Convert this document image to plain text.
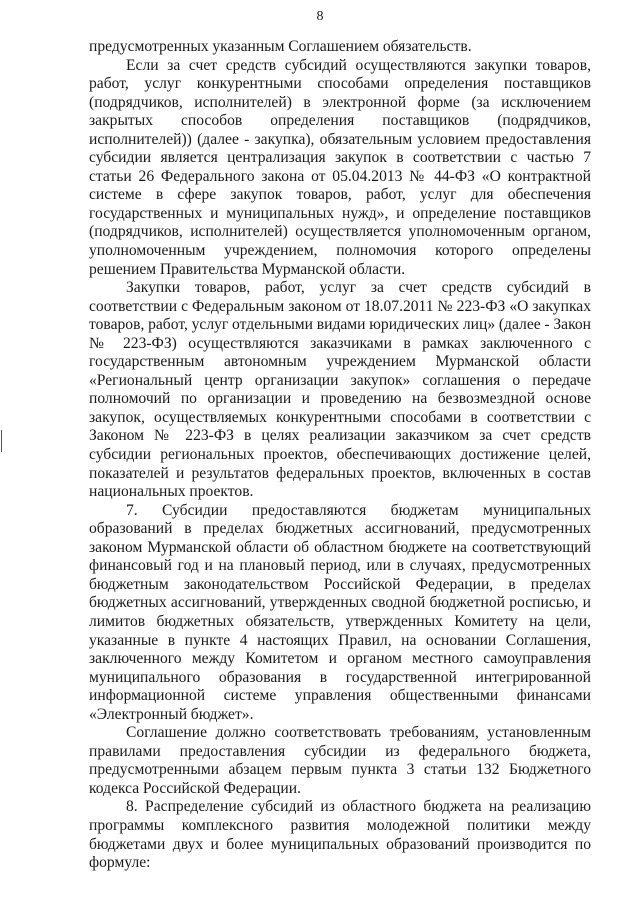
8

предусмотренных указанным Соглашением обязательств.

Если за счет средств субсидий осуществляются закупки товаров, работ, услуг конкурентными способами определения поставщиков (подрядчиков, исполнителей) в электронной форме (за исключением закрытых способов определения поставщиков (подрядчиков, исполнителей)) (далее - закупка), обязательным условием предоставления субсидии является централизация закупок в соответствии с частью 7 статьи 26 Федерального закона от 05.04.2013 № 44-ФЗ «О контрактной системе в сфере закупок товаров, работ, услуг для обеспечения государственных и муниципальных нужд», и определение поставщиков (подрядчиков, исполнителей) осуществляется уполномоченным органом, уполномоченным учреждением, полномочия которого определены решением Правительства Мурманской области.

Закупки товаров, работ, услуг за счет средств субсидий в соответствии с Федеральным законом от 18.07.2011 № 223-ФЗ «О закупках товаров, работ, услуг отдельными видами юридических лиц» (далее - Закон № 223-ФЗ) осуществляются заказчиками в рамках заключенного с государственным автономным учреждением Мурманской области «Региональный центр организации закупок» соглашения о передаче полномочий по организации и проведению на безвозмездной основе закупок, осуществляемых конкурентными способами в соответствии с Законом № 223-ФЗ в целях реализации заказчиком за счет средств субсидии региональных проектов, обеспечивающих достижение целей, показателей и результатов федеральных проектов, включенных в состав национальных проектов.

7. Субсидии предоставляются бюджетам муниципальных образований в пределах бюджетных ассигнований, предусмотренных законом Мурманской области об областном бюджете на соответствующий финансовый год и на плановый период, или в случаях, предусмотренных бюджетным законодательством Российской Федерации, в пределах бюджетных ассигнований, утвержденных сводной бюджетной росписью, и лимитов бюджетных обязательств, утвержденных Комитету на цели, указанные в пункте 4 настоящих Правил, на основании Соглашения, заключенного между Комитетом и органом местного самоуправления муниципального образования в государственной интегрированной информационной системе управления общественными финансами «Электронный бюджет».

Соглашение должно соответствовать требованиям, установленным правилами предоставления субсидии из федерального бюджета, предусмотренными абзацем первым пункта 3 статьи 132 Бюджетного кодекса Российской Федерации.

8. Распределение субсидий из областного бюджета на реализацию программы комплексного развития молодежной политики между бюджетами двух и более муниципальных образований производится по формуле:
